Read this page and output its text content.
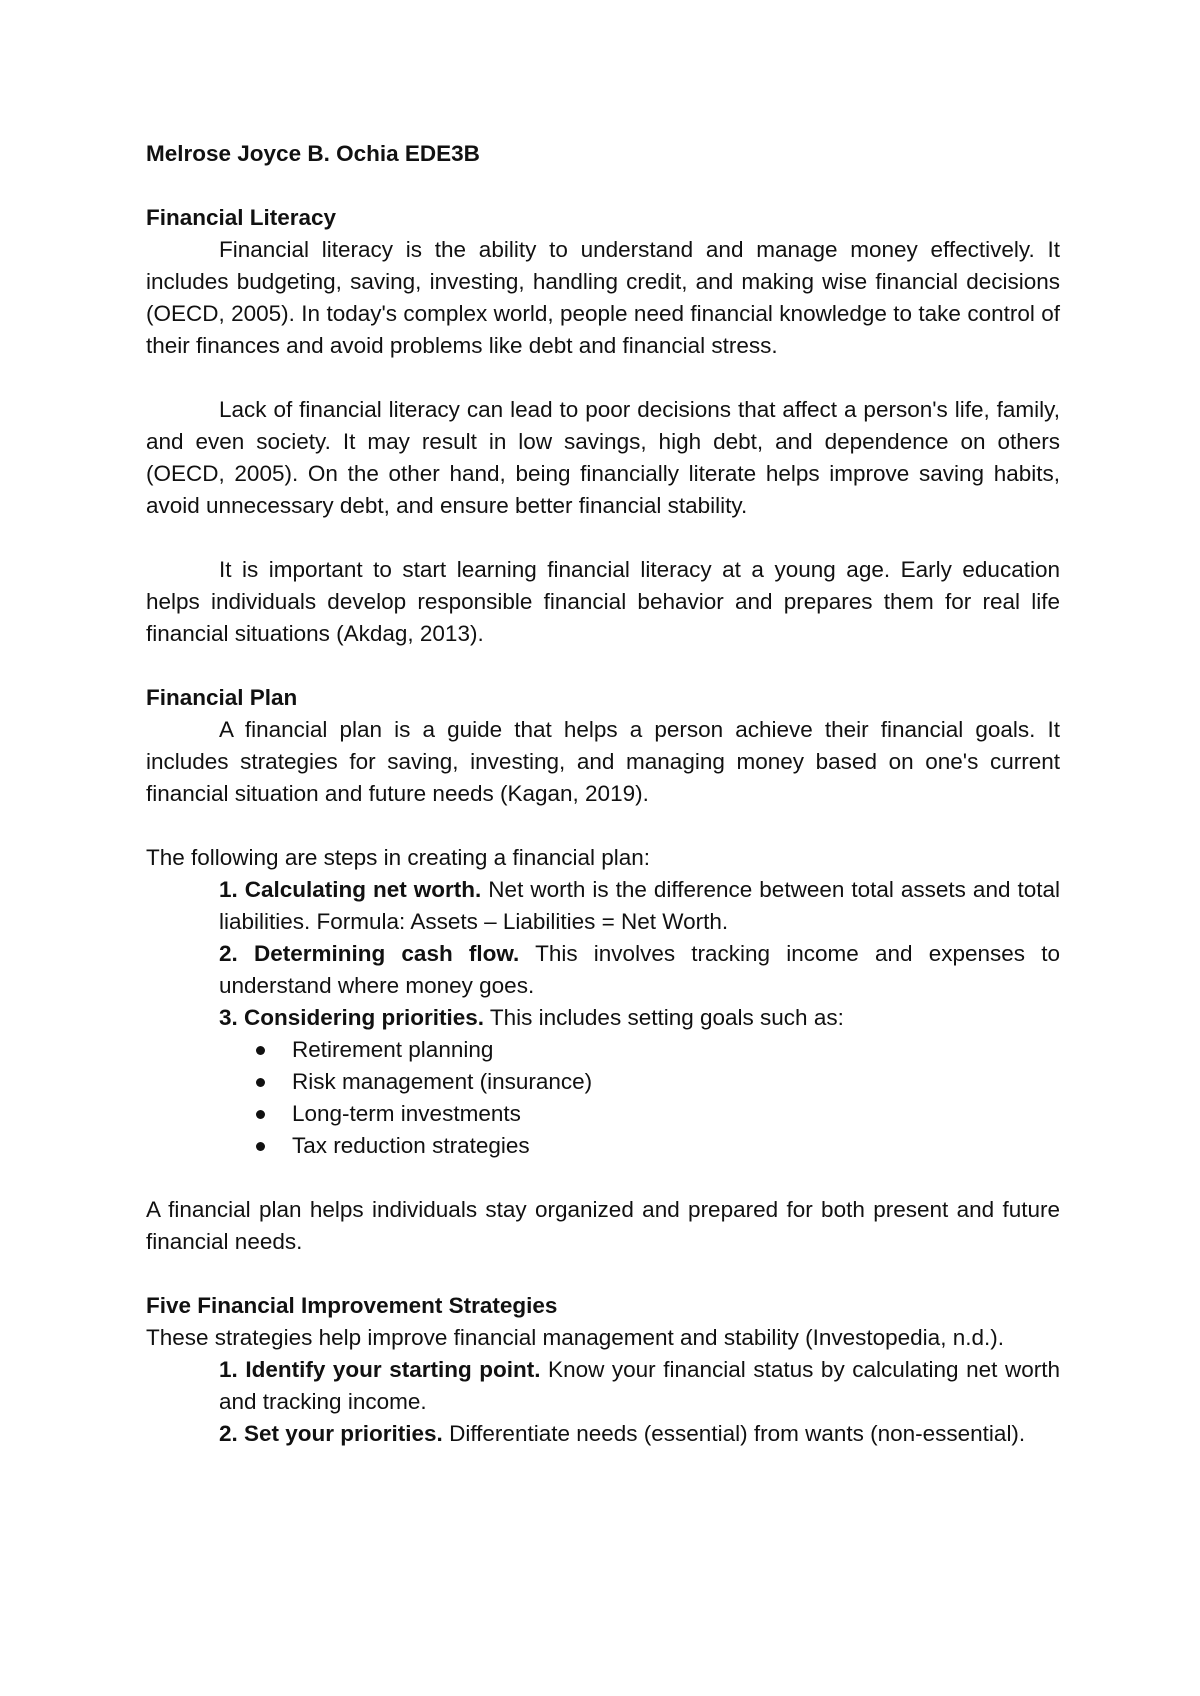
Melrose Joyce B. Ochia EDE3B

Financial Literacy

Financial literacy is the ability to understand and manage money effectively. It includes budgeting, saving, investing, handling credit, and making wise financial decisions (OECD, 2005). In today's complex world, people need financial knowledge to take control of their finances and avoid problems like debt and financial stress.

Lack of financial literacy can lead to poor decisions that affect a person's life, family, and even society. It may result in low savings, high debt, and dependence on others (OECD, 2005). On the other hand, being financially literate helps improve saving habits, avoid unnecessary debt, and ensure better financial stability.

It is important to start learning financial literacy at a young age. Early education helps individuals develop responsible financial behavior and prepares them for real life financial situations (Akdag, 2013).

Financial Plan

A financial plan is a guide that helps a person achieve their financial goals. It includes strategies for saving, investing, and managing money based on one's current financial situation and future needs (Kagan, 2019).

The following are steps in creating a financial plan:

1. Calculating net worth. Net worth is the difference between total assets and total liabilities. Formula: Assets – Liabilities = Net Worth.

2. Determining cash flow. This involves tracking income and expenses to understand where money goes.

3. Considering priorities. This includes setting goals such as:

Retirement planning
Risk management (insurance)
Long-term investments
Tax reduction strategies

A financial plan helps individuals stay organized and prepared for both present and future financial needs.

Five Financial Improvement Strategies

These strategies help improve financial management and stability (Investopedia, n.d.).

1. Identify your starting point. Know your financial status by calculating net worth and tracking income.

2. Set your priorities. Differentiate needs (essential) from wants (non-essential).
